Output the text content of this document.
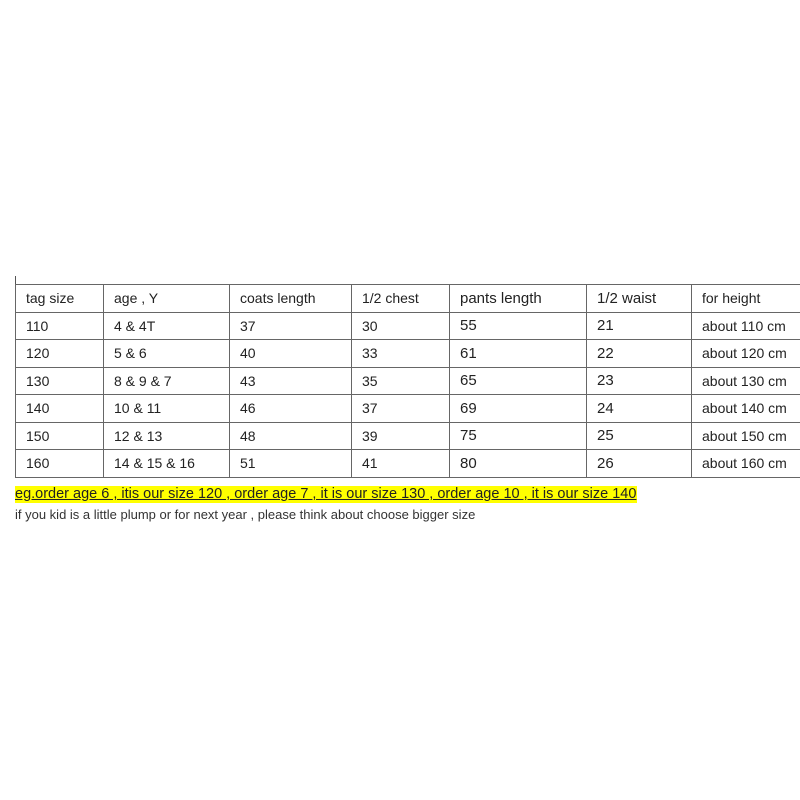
tag size	age , Y	coats length	1/2 chest	pants length	1/2 waist	for height
110	4 & 4T	37	30	55	21	about 110 cm
120	5 & 6	40	33	61	22	about 120 cm
130	8 & 9 & 7	43	35	65	23	about 130 cm
140	10 & 11	46	37	69	24	about 140 cm
150	12 & 13	48	39	75	25	about 150 cm
160	14 & 15 & 16	51	41	80	26	about 160 cm
eg.order age 6 , itis our size 120 , order age 7 , it is our size 130 , order age 10 , it is our size 140
if you kid is a little plump or for next year , please think about choose bigger size
